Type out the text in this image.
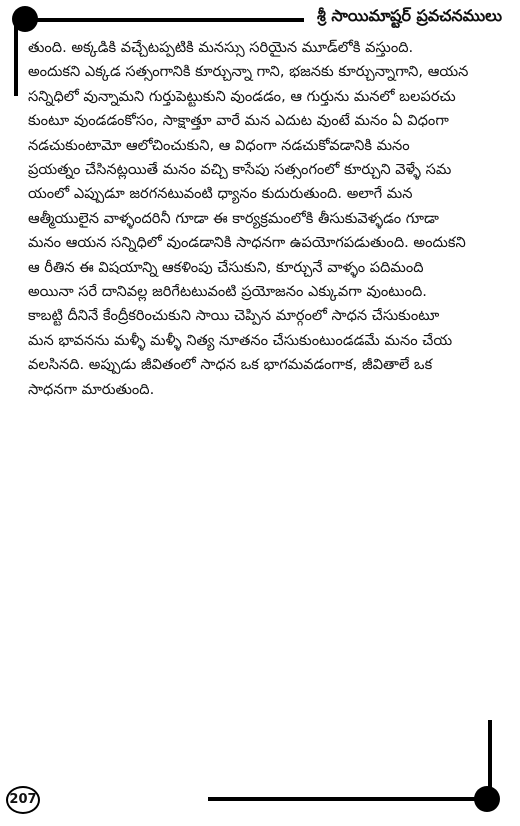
శ్రీ సాయిమాష్టర్ ప్రవచనములు
తుంది. అక్కడికి వచ్చేటప్పటికి మనస్సు సరియైన మూడ్‌లోకి వస్తుంది.
అందుకని ఎక్కడ సత్సంగానికి కూర్చున్నా గాని, భజనకు కూర్చున్నాగాని, ఆయన
సన్నిధిలో వున్నామని గుర్తుపెట్టుకుని వుండడం, ఆ గుర్తును మనలో బలపరచు
కుంటూ వుండడంకోసం, సాక్షాత్తూ వారే మన ఎదుట వుంటే మనం ఏ విధంగా
నడచుకుంటామో ఆలోచించుకుని, ఆ విధంగా నడచుకోవడానికి మనం
ప్రయత్నం చేసినట్లయితే మనం వచ్చి కాసేపు సత్సంగంలో కూర్చుని వెళ్ళే సమ
యంలో ఎప్పుడూ జరగనటువంటి ధ్యానం కుదురుతుంది. అలాగే మన
ఆత్మీయులైన వాళ్ళందరినీ గూడా ఈ కార్యక్రమంలోకి తీసుకువెళ్ళడం గూడా
మనం ఆయన సన్నిధిలో వుండడానికి సాధనగా ఉపయోగపడుతుంది. అందుకని
ఆ రీతిన ఈ విషయాన్ని ఆకళింపు చేసుకుని, కూర్చునే వాళ్ళం పదిమంది
అయినా సరే దానివల్ల జరిగేటటువంటి ప్రయోజనం ఎక్కువగా వుంటుంది.
కాబట్టి దీనినే కేంద్రీకరించుకుని సాయి చెప్పిన మార్గంలో సాధన చేసుకుంటూ
మన భావనను మళ్ళీ మళ్ళీ నిత్య నూతనం చేసుకుంటుండడమే మనం చేయ
వలసినది. అప్పుడు జీవితంలో సాధన ఒక భాగమవడంగాక, జీవితాలే ఒక
సాధనగా మారుతుంది.
207
